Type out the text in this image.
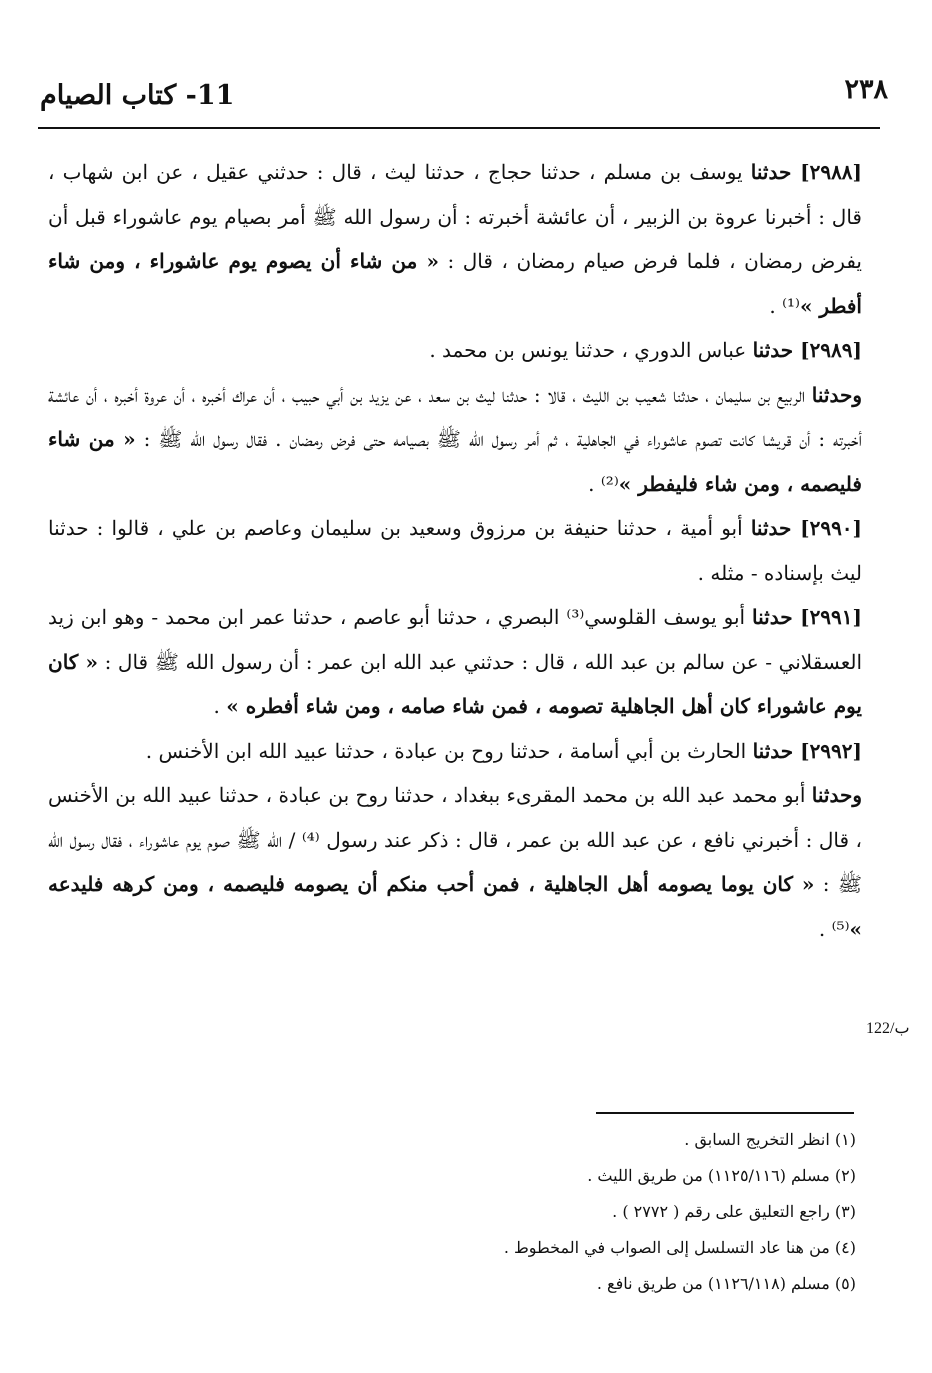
٢٣٨
11- كتاب الصيام

[٢٩٨٨] حدثنا يوسف بن مسلم ، حدثنا حجاج ، حدثنا ليث ، قال : حدثني عقيل ، عن ابن شهاب ، قال : أخبرنا عروة بن الزبير ، أن عائشة أخبرته : أن رسول الله ﷺ أمر بصيام يوم عاشوراء قبل أن يفرض رمضان ، فلما فرض صيام رمضان ، قال : « من شاء أن يصوم يوم عاشوراء ، ومن شاء أفطر »⁽¹⁾ .

[٢٩٨٩] حدثنا عباس الدوري ، حدثنا يونس بن محمد .

وحدثنا الربيع بن سليمان ، حدثنا شعيب بن الليث ، قالا : حدثنا ليث بن سعد ، عن يزيد بن أبي حبيب ، أن عراك أخبره ، أن عروة أخبره ، أن عائشة أخبرته : أن قريشا كانت تصوم عاشوراء في الجاهلية ، ثم أمر رسول الله ﷺ بصيامه حتى فرض رمضان . فقال رسول الله ﷺ : « من شاء فليصمه ، ومن شاء فليفطر »⁽²⁾ .

[٢٩٩٠] حدثنا أبو أمية ، حدثنا حنيفة بن مرزوق وسعيد بن سليمان وعاصم بن علي ، قالوا : حدثنا ليث بإسناده - مثله .

[٢٩٩١] حدثنا أبو يوسف القلوسي⁽³⁾ البصري ، حدثنا أبو عاصم ، حدثنا عمر ابن محمد - وهو ابن زيد العسقلاني - عن سالم بن عبد الله ، قال : حدثني عبد الله ابن عمر : أن رسول الله ﷺ قال : « كان يوم عاشوراء كان أهل الجاهلية تصومه ، فمن شاء صامه ، ومن شاء أفطره » .

[٢٩٩٢] حدثنا الحارث بن أبي أسامة ، حدثنا روح بن عبادة ، حدثنا عبيد الله ابن الأخنس .

وحدثنا أبو محمد عبد الله بن محمد المقرىء ببغداد ، حدثنا روح بن عبادة ، حدثنا عبيد الله بن الأخنس ، قال : أخبرني نافع ، عن عبد الله بن عمر ، قال : ذكر عند رسول ⁽⁴⁾ / الله ﷺ صوم يوم عاشوراء ، فقال رسول الله ﷺ : « كان يوما يصومه أهل الجاهلية ، فمن أحب منكم أن يصومه فليصمه ، ومن كرهه فليدعه »⁽⁵⁾ .

122/ب

(١) انظر التخريج السابق .

(٢) مسلم (١١٢٥/١١٦) من طريق الليث .

(٣) راجع التعليق على رقم ( ٢٧٧٢ ) .

(٤) من هنا عاد التسلسل إلى الصواب في المخطوط .

(٥) مسلم (١١٢٦/١١٨) من طريق نافع .
